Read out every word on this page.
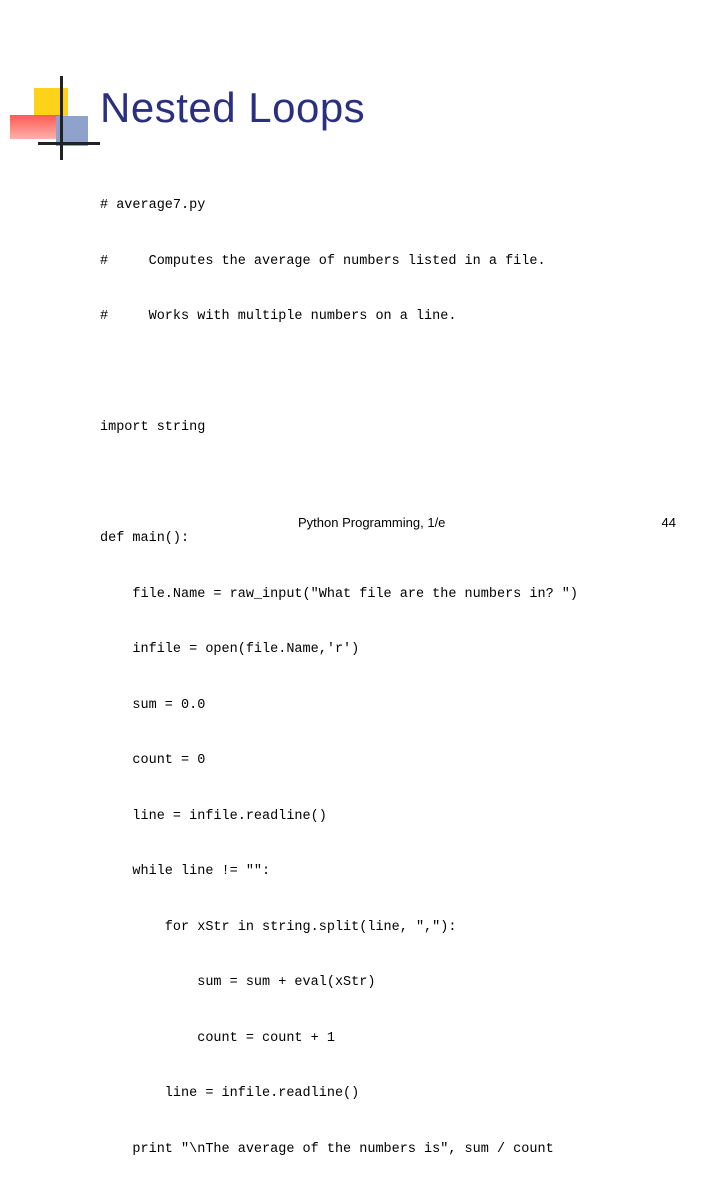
Nested Loops

# average7.py

#     Computes the average of numbers listed in a file.

#     Works with multiple numbers on a line.

import string

def main():

file.Name = raw_input("What file are the numbers in? ")

infile = open(file.Name,'r')

sum = 0.0

count = 0

line = infile.readline()

while line != "":

for xStr in string.split(line, ","):

sum = sum + eval(xStr)

count = count + 1

line = infile.readline()

print "\nThe average of the numbers is", sum / count

Python Programming, 1/e	44
